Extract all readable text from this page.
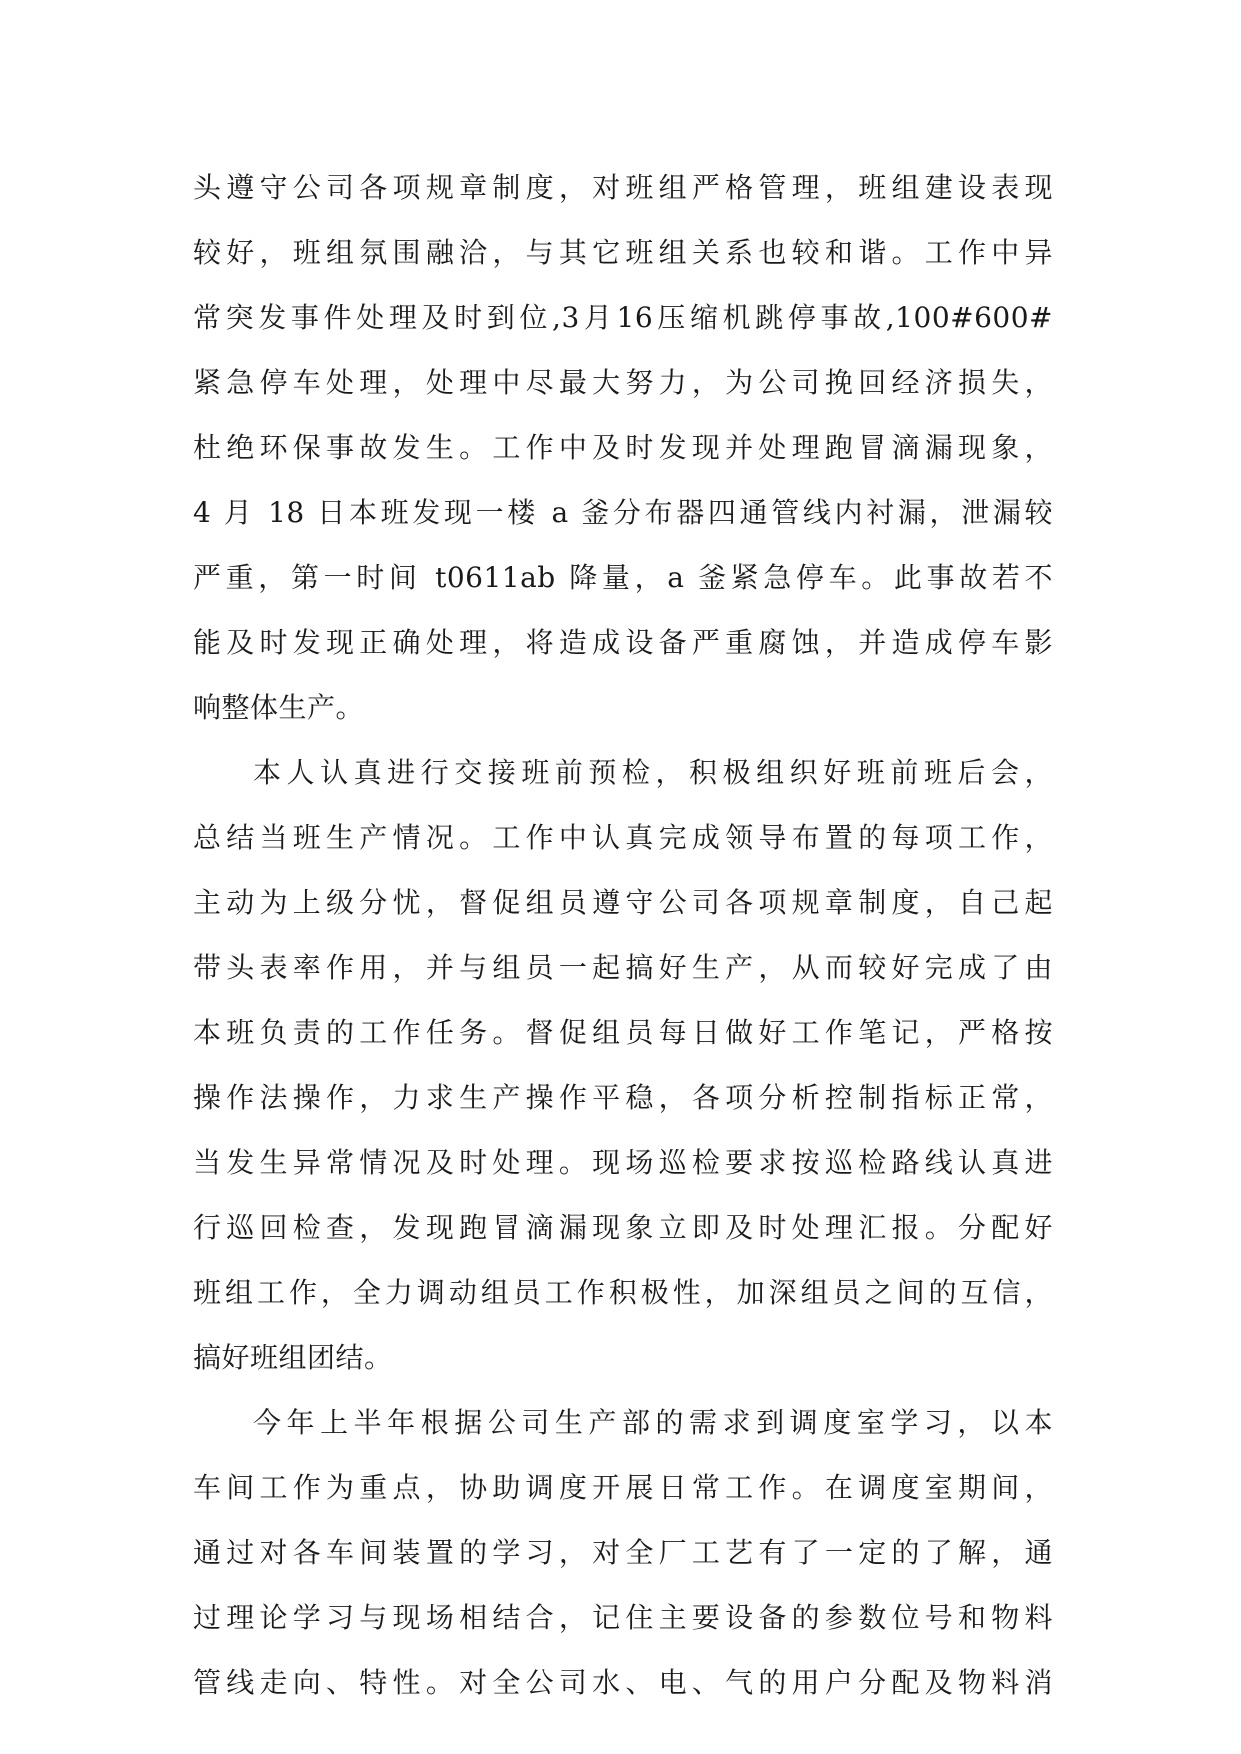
头遵守公司各项规章制度，对班组严格管理，班组建设表现
较好，班组氛围融洽，与其它班组关系也较和谐。工作中异
常突发事件处理及时到位,3月16压缩机跳停事故,100#600#
紧急停车处理，处理中尽最大努力，为公司挽回经济损失，
杜绝环保事故发生。工作中及时发现并处理跑冒滴漏现象，
4 月 18 日本班发现一楼 a 釜分布器四通管线内衬漏，泄漏较
严重，第一时间 t0611ab 降量，a 釜紧急停车。此事故若不
能及时发现正确处理，将造成设备严重腐蚀，并造成停车影
响整体生产。
本人认真进行交接班前预检，积极组织好班前班后会，
总结当班生产情况。工作中认真完成领导布置的每项工作，
主动为上级分忧，督促组员遵守公司各项规章制度，自己起
带头表率作用，并与组员一起搞好生产，从而较好完成了由
本班负责的工作任务。督促组员每日做好工作笔记，严格按
操作法操作，力求生产操作平稳，各项分析控制指标正常，
当发生异常情况及时处理。现场巡检要求按巡检路线认真进
行巡回检查，发现跑冒滴漏现象立即及时处理汇报。分配好
班组工作，全力调动组员工作积极性，加深组员之间的互信，
搞好班组团结。
今年上半年根据公司生产部的需求到调度室学习，以本
车间工作为重点，协助调度开展日常工作。在调度室期间，
通过对各车间装置的学习，对全厂工艺有了一定的了解，通
过理论学习与现场相结合，记住主要设备的参数位号和物料
管线走向、特性。对全公司水、电、气的用户分配及物料消
